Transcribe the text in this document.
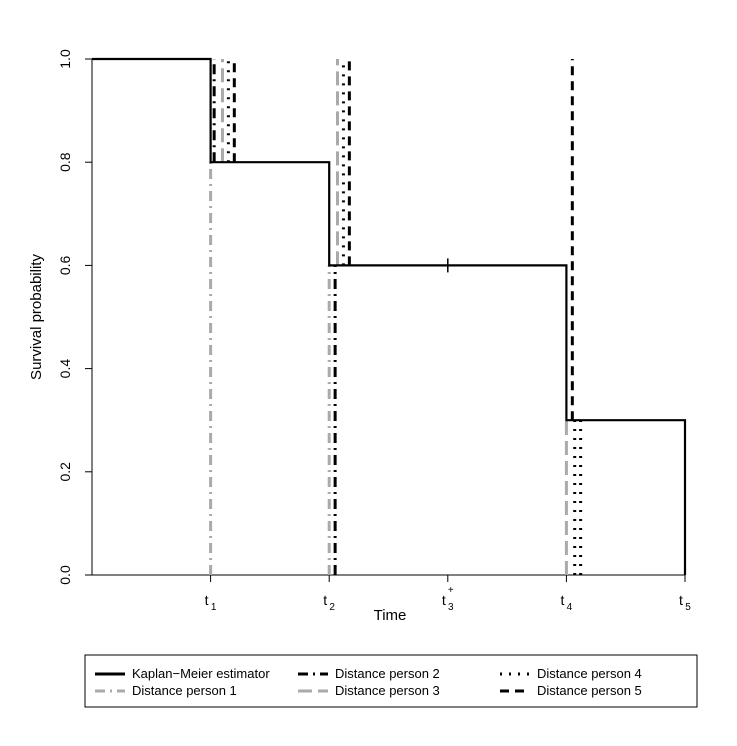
0.0
0.2
0.4
0.6
0.8
1.0
t 1	t 2	t 3
+
t 4	t 5
Time
Survival probability
Kaplan−Meier estimator
Distance person 1
Distance person 2
Distance person 3
Distance person 4
Distance person 5
